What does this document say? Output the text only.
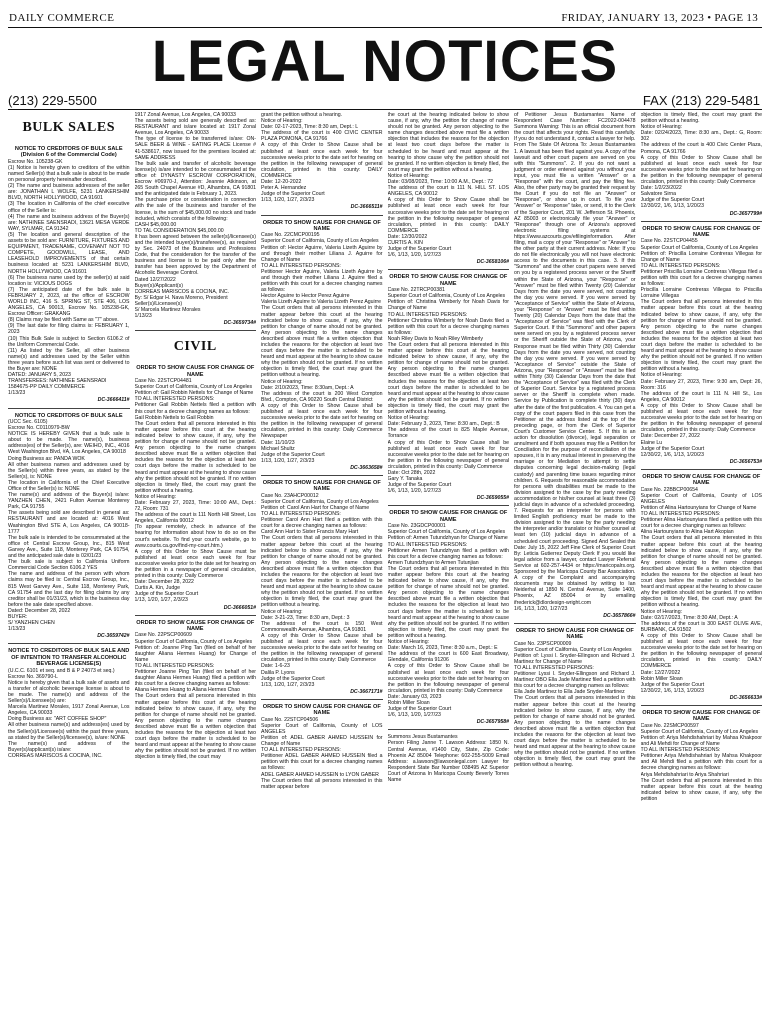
DAILY COMMERCE	FRIDAY, JANUARY 13, 2023 • PAGE 13
LEGAL NOTICES
(213) 229-5500	FAX (213) 229-5481
BULK SALES
NOTICE TO CREDITORS OF BULK SALE
(Division 6 of the Commercial Code)
Escrow No. 105238-GK
(1) Notice is hereby given to creditors of the within named Seller(s) that a bulk sale is about to be made on personal property hereinafter described.
(2) The name and business addresses of the seller are: JONATHAN L WOLFE, 5231 LANKERSHIM BLVD, NORTH HOLLYWOOD, CA 91601
(3) The location in California of the chief executive office of the Seller is:
(4) The name and business address of the Buyer(s) are: NATHINEE SAENSRADI, 13621 MESA VERDE WAY, SYLMAR, CA 91342
(5) The location and general description of the assets to be sold are: FURNITURE, FIXTURES AND EQUIPMENT, TRADENAME, COVENANT NOT TO COMPETE, GOODWILL, LEASE, AND LEASEHOLD IMPROVEMENTS of that certain business located at: 5231 LANKERSHIM BLVD, NORTH HOLLYWOOD, CA 91601
(6) The business name used by the seller(s) at said location is: VICIOUS DOGS
(7) The anticipated date of the bulk sale is FEBRUARY 2, 2023, at the office of ESCROW WORLD INC, 416 S. SPRING ST, STE 406, LOS ANGELES, CA 90013, Escrow No. 105238-GK, Escrow Officer: GRAKANG
(8) Claims may be filed with Same as "7" above.
(9) The last date for filing claims is: FEBRUARY 1, 2023
(10) This Bulk Sale is subject to Section 6106.2 of the Uniform Commercial Code.
(11) As listed by the Seller, all other business name(s) and addresses used by the Seller within three years before such list was sent or delivered to the Buyer are: NONE
DATED: JANUARY 5, 2023
TRANSFEREES: NATHINEE SAENSRADI
1584675-PP DAILY COMMERCE
1/13/23
DC-3666411#
NOTICE TO CREDITORS OF BULK SALE
(UCC Sec. 6105)
Escrow No. C0110979-BW
NOTICE IS HEREBY GIVEN that a bulk sale is about to be made. The name(s), business address(es) of the Seller(s), are: WEIHO, INC., 4016 West Washington Blvd, #A, Los Angeles, CA 90018
Doing Business as: PANDA WOK
All other business names and addresses used by the Seller(s) within three years, as stated by the Seller(s), is: NONE
The location in California of the Chief Executive Office of the Seller(s) is: NONE
The name(s) and address of the Buyer(s) is/are: YANZHEN CHEN, 2421 Fulton Avenue Monterey Park, CA 91755
The assets being sold are described in general as: RESTAURANT and are located at: 4016 West Washington Blvd STE A, Los Angeles, CA 90018-1777
The bulk sale is intended to be consummated at the office of: Central Escrow Group, Inc., 815 West Garvey Ave., Suite 118, Monterey Park, CA 91754, and the anticipated sale date is 02/01/23
The bulk sale is subject to California Uniform Commercial Code Section 6106.2 YES
The name and address of the person with whom claims may be filed is: Central Escrow Group, Inc., 815 West Garvey Ave., Suite 118, Monterey Park, CA 91754 and the last day for filing claims by any creditor shall be 01/31/23, which is the business day before the sale date specified above.
Dated: December 28, 2022
BUYER:
S/ YANZHEN CHEN
1/13/23
DC-3659742#
NOTICE TO CREDITORS OF BULK SALE AND OF INTENTION TO TRANSFER ALCOHOLIC BEVERAGE LICENSE(S)
(U.C.C. 6101 et seq. and B & P 24073 et seq.)
Escrow No. 369790-L
Notice is hereby given that a bulk sale of assets and a transfer of alcoholic beverage license is about to be made. The name(s) and address of the Seller(s)/Licensee(s) are:
Marcela Martinez Morales, 1917 Zonal Avenue, Los Angeles, CA 90033
Doing Business as: "ART COFFEE SHOP"
All other business name(s) and address(es) used by the Seller(s)/Licensee(s) within the past three years, as stated by the Seller(s)/licensee(s), is/are: NONE
The name(s) and address of the Buyer(s)/applicant(s) is/are:
CORREAS MARISCOS & COCINA, INC.
1917 Zonal Avenue, Los Angeles, CA 90033
The assets being sold are generally described as: RESTAURANT and is/are located at: 1917 Zonal Avenue, Los Angeles, CA 90033
The type of license to be transferred is/are: ON-SALE BEER & WINE - EATING PLACE License # 41-538617, now issued for the premises located at: SAME ADDRESS
The bulk sale and transfer of alcoholic beverage license(s) is/are intended to be consummated at the office of: DYNASTY ESCROW CORPORATION, Escrow #06970-J, Attention: Jeannie Atkinson, at 265 South Chapel Avenue #D, Alhambra, CA 91801 and the anticipated date is February 1, 2023.
The purchase price or consideration in connection with the sale of the business and transfer of the license, is the sum of $45,000.00 no stock and trade included, which consists of the following:
CASH $45,000.00
TO TAL CONSIDERATION $45,000.00
It has been agreed between the seller(s)/licensee(s) and the intended buyer(s)/transferee(s), as required by Sec. 24073 of the Business and Professions Code, that the consideration for the transfer of the business and license is to be paid only after the transfer has been approved by the Department of Alcoholic Beverage Control.
Dated 12/27/2022
Buyer(s)/Applicant(s)
CORREAS MARISCOS & COCINA, INC.
By: S/ Edgar H. Nava Moreno, President
Seller(s)/Licensee(s)
S/ Marcela Martinez Morales
1/13/23
DC-3659734#
CIVIL
ORDER TO SHOW CAUSE FOR CHANGE OF NAME
Case No. 22STCP04481
Superior Court of California, County of Los Angeles
Petition of: Gail Robbin Nettels for Change of Name
TO ALL INTERESTED PERSONS:
Petitioner Gail Robbin Nettels filed a petition with this court for a decree changing names as follows:
Gail Robbin Nettels to Gail Robbin
The Court orders that all persons interested in this matter appear before this court at the hearing indicated below to show cause, if any, why the petition for change of name should not be granted. Any person objecting to the name changes described above must file a written objection that includes the reasons for the objection at least two court days before the matter is scheduled to be heard and must appear at the hearing to show cause why the petition should not be granted. If no written objection is timely filed, the court may grant the petition without a hearing.
Notice of Hearing:
Date: February 27, 2023, Time: 10:00 AM., Dept.: 72, Room: 731
The address of the court is 111 North Hill Street, Los Angeles, California 90012
(To appear remotely, check in advance of the hearing for information about how to do so on the court's website. To find your court's website, go to www.courts.ca.gov/find-my-court.htm.)
A copy of this Order to Show Cause must be published at least once each week for four successive weeks prior to the date set for hearing on the petition in a newspaper of general circulation, printed in this county: Daily Commerce
Date: December 28, 2022
Curtis A. Kin, Judge
Judge of the Superior Court
1/13, 1/20, 1/27, 2/3/23
DC-3666051#
ORDER TO SHOW CAUSE FOR CHANGE OF NAME
Case No. 22PSCP00609
Superior Court of California, County of Los Angeles
Petition of: Joanne Ping Tan (filed on behalf of her daughter Aliana Hermes Huang) for Change of Name
TO ALL INTERESTED PERSONS:
Petitioner Joanne Ping Tan (filed on behalf of her daughter Aliana Hermes Huang) filed a petition with this court for a decree changing names as follows:
Aliana Hermes Huang to Aliana Hermes Chao
The Court orders that all persons interested in this matter appear before this court at the hearing indicated below to show cause, if any, why the petition for change of name should not be granted. Any person objecting to the name changes described above must file a written objection that includes the reasons for the objection at least two court days before the matter is scheduled to be heard and must appear at the hearing to show cause why the petition should not be granted. If no written objection is timely filed, the court may
grant the petition without a hearing.
Notice of Hearing:
Date: 02-17-2023, Time: 8:30 am, Dept.: L
The address of the court is 400 CIVIC CENTER PLAZA POMONA, CA 91766
A copy of this Order to Show Cause shall be published at least once each week for four successive weeks prior to the date set for hearing on the petition in the following newspaper of general circulation, printed in this county: DAILY COMMERCE
Date: 12-20-2022
Peter A. Hernandez
Judge of the Superior Court
1/13, 1/20, 1/27, 2/3/23
DC-3666511#
ORDER TO SHOW CAUSE FOR CHANGE OF NAME
Case No. 22CMCP00195
Superior Court of California, County of Los Angeles
Petition of: Hector Aguirre, Valeria Lizeth Aguirre by and through their mother Liliana J. Aguirre for Change of Name
TO ALL INTERESTED PERSONS:
Petitioner Hector Aguirre, Valeria Lizeth Aguirre by and through their mother Liliana J. Aguirre filed a petition with this court for a decree changing names as follows:
Hector Aguirre to Hector Perez Aguirre
Valeria Lizeth Aguirre to Valeria Lizeth Perez Aguirre
The Court orders that all persons interested in this matter appear before this court at the hearing indicated below to show cause, if any, why the petition for change of name should not be granted. Any person objecting to the name changes described above must file a written objection that includes the reasons for the objection at least two court days before the matter is scheduled to be heard and must appear at the hearing to show cause why the petition should not be granted. If no written objection is timely filed, the court may grant the petition without a hearing.
Notice of Hearing:
Date: 2/10/2023, Time: 8:30am, Dept.: A
The address of the court is 200 West Compton Blvd., Compton, CA 90220 South Central District
A copy of this Order to Show Cause shall be published at least once each week for four successive weeks prior to the date set for hearing on the petition in the following newspaper of general circulation, printed in this county: Daily Commerce Newspaper
Date: 11/10/23
Michael Shultz
Judge of the Superior Court
1/13, 1/20, 1/27, 2/3/23
DC-3663658#
ORDER TO SHOW CAUSE FOR CHANGE OF NAME
Case No. 23AHCP00012
Superior Court of California, County of Los Angeles
Petition of: Carol Ann Hart for Change of Name
TO ALL INTERESTED PERSONS:
Petitioner Carol Ann Hart filed a petition with this court for a decree changing names as follows:
Carol Ann Hart to Sister Francis Mary Hart
The Court orders that all persons interested in this matter appear before this court at the hearing indicated below to show cause, if any, why the petition for change of name should not be granted. Any person objecting to the name changes described above must file a written objection that includes the reasons for the objection at least two court days before the matter is scheduled to be heard and must appear at the hearing to show cause why the petition should not be granted. If no written objection is timely filed, the court may grant the petition without a hearing.
Notice of Hearing:
Date: 3-21-23, Time: 8:30 am, Dept.: 3
The address of the court is 150 West Commonwealth Avenue, Alhambra, CA 91801
A copy of this Order to Show Cause shall be published at least once each week for four successive weeks prior to the date set for hearing on the petition in the following newspaper of general circulation, printed in this county: Daily Commerce
Date: 1-6-23
Dalila P. Lyons
Judge of the Superior Court
1/13, 1/20, 1/27, 2/3/23
DC-3667171#
ORDER TO SHOW CAUSE FOR CHANGE OF NAME
Case No. 22STCP04506
Superior Court of California, County of LOS ANGELES
Petition of: ADEL GABER AHMED HUSSEIN for Change of Name
TO ALL INTERESTED PERSONS:
Petitioner ADEL GABER AHMED HUSSEIN filed a petition with this court for a decree changing names as follows:
ADEL GABER AHMED HUSSEIN to LYON GABER
The Court orders that all persons interested in this matter appear before
the court at the hearing indicated below to show cause, if any, why the petition for change of name should not be granted. Any person objecting to the name changes described above must file a written objection that includes the reasons for the objection at least two court days before the matter is scheduled to be heard and must appear at the hearing to show cause why the petition should not be granted. If no written objection is timely filed, the court may grant the petition without a hearing.
Notice of Hearing:
Date: 03/08/2023, Time: 10:00 A.M., Dept.: 72
The address of the court is 111 N. HILL ST. LOS ANGELES, CA 90012
A copy of this Order to Show Cause shall be published at least once each week for four successive weeks prior to the date set for hearing on the petition in the following newspaper of general circulation, printed in this county: DAILY COMMERCE
Date: 12/30/2022
CURTIS A. KIN
Judge of the Superior Court
1/6, 1/13, 1/20, 1/27/23
DC-3658106#
ORDER TO SHOW CAUSE FOR CHANGE OF NAME
Case No. 22TRCP00381
Superior Court of California, County of Los Angeles
Petition of: Christina Wimberly for Noah Davis for Change of Name
TO ALL INTERESTED PERSONS:
Petitioner Christina Wimberly for Noah Davis filed a petition with this court for a decree changing names as follows:
Noah Riley Davis to Noah Riley Wimberly
The Court orders that all persons interested in this matter appear before this court at the hearing indicated below to show cause, if any, why the petition for change of name should not be granted. Any person objecting to the name changes described above must file a written objection that includes the reasons for the objection at least two court days before the matter is scheduled to be heard and must appear at the hearing to show cause why the petition should not be granted. If no written objection is timely filed, the court may grant the petition without a hearing.
Notice of Hearing:
Date: February 3, 2023, Time: 8:30 am., Dept.: B
The address of the court is 825 Maple Avenue, Torrance
A copy of this Order to Show Cause shall be published at least once each week for four successive weeks prior to the date set for hearing on the petition in the following newspaper of general circulation, printed in this county: Daily Commerce
Date: Oct 28th, 2022
Gary Y. Tanaka
Judge of the Superior Court
1/6, 1/13, 1/20, 1/27/23
DC-3659055#
ORDER TO SHOW CAUSE FOR CHANGE OF NAME
Case No. 23GDCP00001
Superior Court of California, County of Los Angeles
Petition of: Armen Tutundzhyan for Change of Name
TO ALL INTERESTED PERSONS:
Petitioner Armen Tutundzhyan filed a petition with this court for a decree changing names as follows:
Armen Tutundzhyan to Armen Tutunjian
The Court orders that all persons interested in this matter appear before this court at the hearing indicated below to show cause, if any, why the petition for change of name should not be granted. Any person objecting to the name changes described above must file a written objection that includes the reasons for the objection at least two court days before the matter is scheduled to be heard and must appear at the hearing to show cause why the petition should not be granted. If no written objection is timely filed, the court may grant the petition without a hearing.
Notice of Hearing:
Date: March 16, 2023, Time: 8:30 a.m., Dept.: E
The address of the court is 600 East Broadway, Glendale, California 91206
A copy of this Order to Show Cause shall be published at least once each week for four successive weeks prior to the date set for hearing on the petition in the following newspaper of general circulation, printed in this county: Daily Commerce
Date: January 03, 2023
Robin Miller Sloan
Judge of the Superior Court
1/6, 1/13, 1/20, 1/27/23
DC-3657958#
Summons Jesus Bustamantes
Person Filing Janne T. Lawson Address: 1850 N. Central Avenue, #1400 City, State, Zip Code: Phoenix AZ 85004 Telephone: 602-255-5009 Email Address: a.lawson@lawsonlegal.com Lawyer for Respondent State Bar Number 038495 AZ Superior Court of Arizona In Maricopa County Beverly Torres Name
of Petitioner Jesus Bustamantes Name of Respondent Case Number: FC2022-004478 Summons Warning: This is an official document from the court that affects your rights. Read this carefully. If you do not understand it, contact a lawyer for help. From The State Of Arizona To: Jesus Bustamantes 1. A lawsuit has been filed against you. A copy of the lawsuit and other court papers are served on you with this "Summons". 2. If you do not want a judgment or order entered against you without your input, you must file a written "Answer" or a "Response" with the court, and pay the filing fee. Also, the other party may be granted their request by the Court if you do not file an "Answer" or "Response", or show up in court. To file your "Answer" or "Response" take, or send, it to the Clerk of the Superior Court, 201 W. Jefferson St. Phoenix, AZ 85003 or electronically file your "Answer" or "Response" through one of Arizona's approved electronic filing systems at https://www.azcourts.gov/efilinginformation. After filing, mail a copy of your "Response" or "Answer" to the other party at their current address. Note: If you do not file electronically you will not have electronic access to the documents in this case. 3. If this "Summons" and the other court papers were served on you by a registered process server or the Sheriff within the State of Arizona, your "Response" or "Answer" must be filed within Twenty (20) Calendar Days from the date you were served, not counting the day you were served. If you were served by "Acceptance of Service" within the State of Arizona, your "Response" or "Answer" must be filed within Twenty (20) Calendar Days from the date that the "Acceptance of Service" was filed with the Clerk of Superior Court. If this "Summons" and other papers were served on you by a registered process server or the Sheriff outside the State of Arizona, your Response must be filed within Thirty (30) Calendar Days from the date you were served, not counting the day you were served. If you were served by "Acceptance of Service" outside the State of Arizona, your "Response" or "Answer" must be filed within Thirty (30) Calendar Days from the date that the "Acceptance of Service" was filed with the Clerk of Superior Court. Service by a registered process server or the Sheriff is complete when made. Service by Publication is complete thirty (30) days after the date of the first publication. 4. You can get a copy of the court papers filed in this case from the Petitioner at the address listed at the top of the preceding page, or from the Clerk of Superior Court's Customer Service Center. 5. If this is an action for dissolution (divorce), legal separation or annulment and if both spouses may file a Petition for Conciliation for the purpose of reconciliation of the spouses, it is in any mutual interest in preserving the marriage or for Mediation to attempt to settle disputes concerning legal decision-making (legal custody) and parenting time issues regarding minor children. 6. Requests for reasonable accommodation for persons with disabilities must be made to the division assigned to the case by the party needing accommodation or his/her counsel at least three (3) judicial days in advance of a scheduled proceeding. 7. Requests for an interpreter for persons with limited English proficiency must be made to the division assigned to the case by the party needing the interpreter and/or translator or his/her counsel at least ten (10) judicial days in advance of a scheduled court proceeding. Signed And Sealed this Date: July 15, 2022 Jeff Fine Clerk of Superior Court By: Leticia Gutierrez Deputy Clerk If you would like legal advice from a lawyer, contact Lawyer Referral Service at 602-257-4434 or https://maricopalrs.org. Sponsored by the Maricopa County Bar Association. A copy of the Complaint and accompanying documents may be obtained by writing to Ian Neiderhal at 1850 N. Central Avenue, Suite 1400, Phoenix, AZ 85004 or by emailing ifrederick@dlordesign-wright.com
1/6, 1/13, 1/20, 1/27/23
DC-3657866#
ORDER TO SHOW CAUSE FOR CHANGE OF NAME
Case No. 23PSCP00009
Superior Court of California, County of Los Angeles
Petition of: Lyssi I. Snyder-Ellingson and Richard J. Martinez for Change of Name
TO ALL INTERESTED PERSONS:
Petitioner Lyssi I. Snyder-Ellingson and Richard J. Martinez OBO Ella Jade Martinez filed a petition with this court for a decree changing names as follows:
Ella Jade Martinez to Ella Jade Snyder-Martinez
The Court orders that all persons interested in this matter appear before this court at the hearing indicated below to show cause, if any, why the petition for change of name should not be granted. Any person objecting to the name changes described above must file a written objection that includes the reasons for the objection at least two court days before the matter is scheduled to be heard and must appear at the hearing to show cause why the petition should not be granted. If no written objection is timely filed, the court may grant the petition without a hearing.
objection is timely filed, the court may grant the petition without a hearing.
Notice of Hearing:
Date: 02/24/2023, Time: 8:30 am., Dept.: G, Room: 302
The address of the court is 400 Civic Center Plaza, Pomona, CA 91766
A copy of this Order to Show Cause shall be published at least once each week for four successive weeks prior to the date set for hearing on the petition in the following newspaper of general circulation, printed in this county: Daily Commerce
Date: 1/2/23/2022
Salvatore Sirna
Judge of the Superior Court
12/30/22, 1/6, 1/13, 1/20/23
DC-3657799#
ORDER TO SHOW CAUSE FOR CHANGE OF NAME
Case No. 22STCP04455
Superior Court of California, County of Los Angeles
Petition of: Priscilla Lorraine Contreras Villegas for Change of Name
TO ALL INTERESTED PERSONS:
Petitioner Priscilla Lorraine Contreras Villegas filed a petition with this court for a decree changing names as follows:
Priscilla Lorraine Contreras Villegas to Priscilla Lorraine Villegas
The Court orders that all persons interested in this matter appear before this court at the hearing indicated below to show cause, if any, why the petition for change of name should not be granted. Any person objecting to the name changes described above must file a written objection that includes the reasons for the objection at least two court days before the matter is scheduled to be heard and must appear at the hearing to show cause why the petition should not be granted. If no written objection is timely filed, the court may grant the petition without a hearing.
Notice of Hearing:
Date: February 27, 2023, Time: 9:30 am, Dept: 26, Room: 316
The address of the court is 111 N. Hill St., Los Angeles, CA 90012
A copy of this Order to Show Cause shall be published at least once each week for four successive weeks prior to the date set for hearing on the petition in the following newspaper of general circulation, printed in this county: Daily Commerce
Date: December 27, 2022
Elaine Lu
Judge of the Superior Court
12/30/22, 1/6, 1/13, 1/20/23
DC-3656753#
ORDER TO SHOW CAUSE FOR CHANGE OF NAME
Case No. 22BBCP00654
Superior Court of California, County of LOS ANGELES
Petition of Alina Hartounyians for Change of Name
TO ALL INTERESTED PERSONS:
Petitioner Alina Hartounyians filed a petition with this court for a decree changing names as follows:
Alina Hartounyians to Alina Hart Akopian
The Court orders that all persons interested in this matter appear before this court at the hearing indicated below to show cause, if any, why the petition for change of name should not be granted. Any person objecting to the name changes described above must file a written objection that includes the reasons for the objection at least two court days before the matter is scheduled to be heard and must appear at the hearing to show cause why the petition should not be granted. If no written objection is timely filed, the court may grant the petition without a hearing.
Notice of Hearing:
Date: 02/17/2023, Time: 8:30 AM, Dept.: A
The address of the court is 300 EAST OLIVE AVE, BURBANK, CA 91502
A copy of this Order to Show Cause shall be published at least once each week for four successive weeks prior to the date set for hearing on the petition in the following newspaper of general circulation, printed in this county: DAILY COMMERCE
Date: 12/27/2022
Robin Miller Sloan
Judge of the Superior Court
12/30/22, 1/6, 1/13, 1/20/23
DC-3656633#
ORDER TO SHOW CAUSE FOR CHANGE OF NAME
Case No. 22SMCP00597
Superior Court of California, County of Los Angeles
Petition of: Ariya Mehdishahriari by Mahsa Khakpoor and Ali Mehdi for Change of Name
TO ALL INTERESTED PERSONS:
Petitioner Ariya Mehdishahriari by Mahsa Khakpoor and Ali Mehdi filed a petition with this court for a decree changing names as follows:
Ariya Mehdishahriari to Ariya Shahriari
The Court orders that all persons interested in this matter appear before this court at the hearing indicated below to show cause, if any, why the petition
